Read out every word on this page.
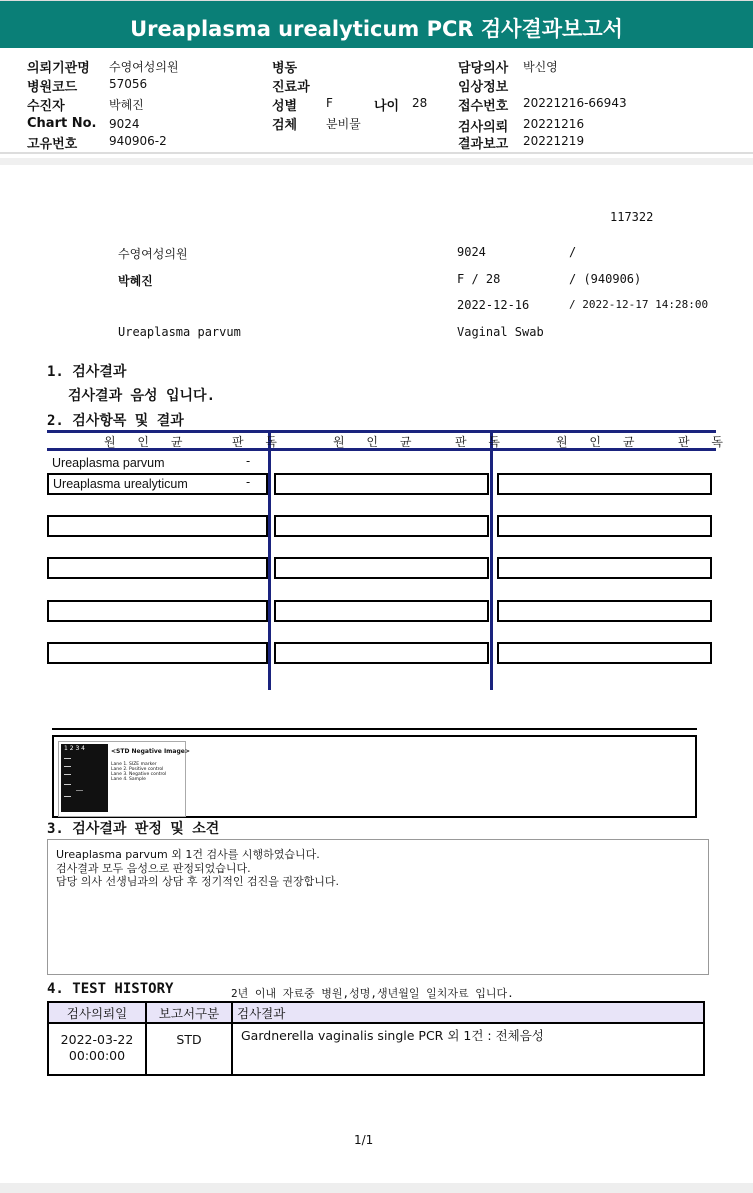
Ureaplasma urealyticum PCR 검사결과보고서
의뢰기관명 수영여성의원
병원코드	57056
수진자	박혜진
Chart No. 9024
고유번호	940906-2
병동
진료과
성별 F	나이 28
검체 분비물
담당의사 박신영
임상정보
접수번호 20221216-66943
검사의뢰 20221216
결과보고 20221219
117322
수영여성의원	9024	/
박혜진	F / 28	/ (940906)
2022-12-16	/ 2022-12-17 14:28:00
Ureaplasma parvum	Vaginal Swab
1. 검사결과
검사결과 음성 입니다.
2. 검사항목 및 결과
원 인 균	판 독	원 인 균	판 독	원 인 균	판 독
Ureaplasma parvum	-
Ureaplasma urealyticum	-
1 2 3 4	<STD Negative Image>
Lane 1. SIZE marker
Lane 2. Positive control
Lane 3. Negative control
Lane 4. Sample
3. 검사결과 판정 및 소견
Ureaplasma parvum 외 1건 검사를 시행하였습니다.
검사결과 모두 음성으로 판정되었습니다.
담당 의사 선생님과의 상담 후 정기적인 검진을 권장합니다.
4. TEST HISTORY	2년 이내 자료중 병원,성명,생년월일 일치자료 입니다.
검사의뢰일	보고서구분	검사결과

2022-03-22
00:00:00	STD	Gardnerella vaginalis single PCR 외 1건 : 전체음성
1/1
